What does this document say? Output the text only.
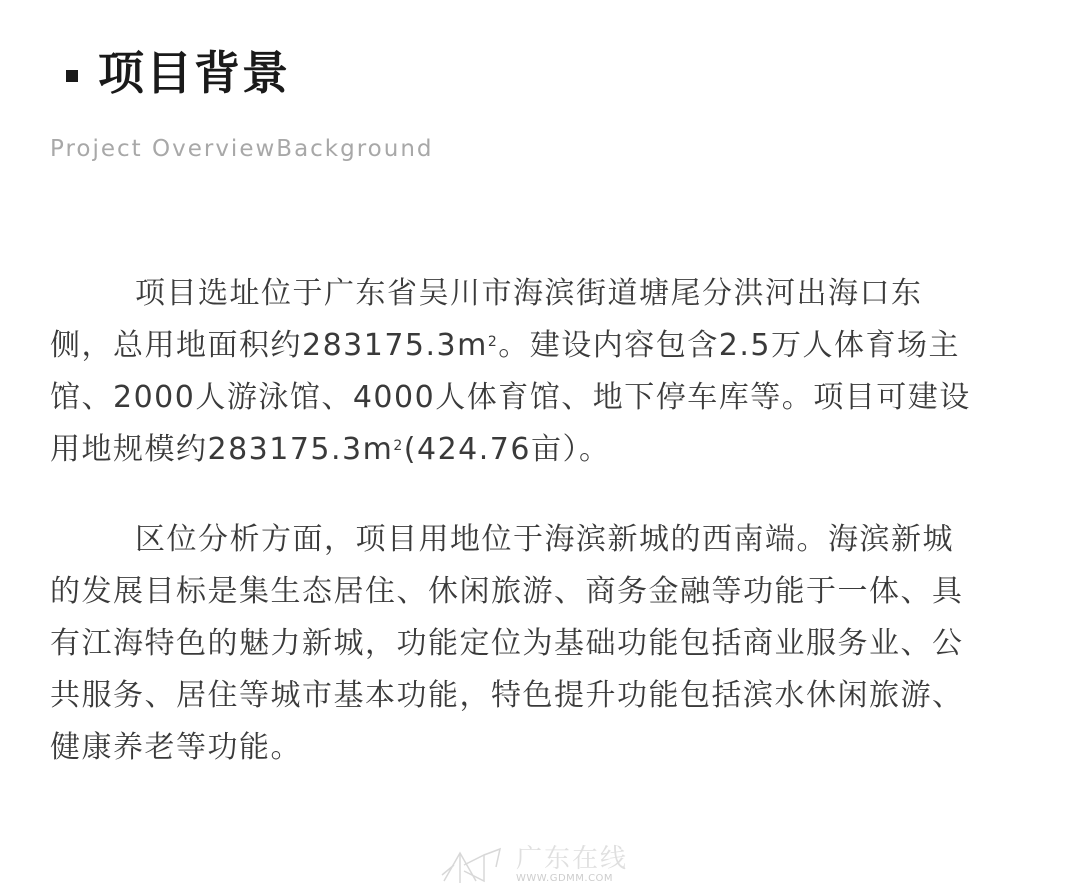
项目背景
Project OverviewBackground
项目选址位于广东省吴川市海滨街道塘尾分洪河出海口东
侧，总用地面积约$283175.3m^2$。建设内容包含2.5万人体育场主
馆、2000人游泳馆、4000人体育馆、地下停车库等。项目可建设
用地规模约$283175.3m^2(424.76$亩）。
区位分析方面，项目用地位于海滨新城的西南端。海滨新城
的发展目标是集生态居住、休闲旅游、商务金融等功能于一体、具
有江海特色的魅力新城，功能定位为基础功能包括商业服务业、公
共服务、居住等城市基本功能，特色提升功能包括滨水休闲旅游、
健康养老等功能。
广东在线
WWW.GDMM.COM
